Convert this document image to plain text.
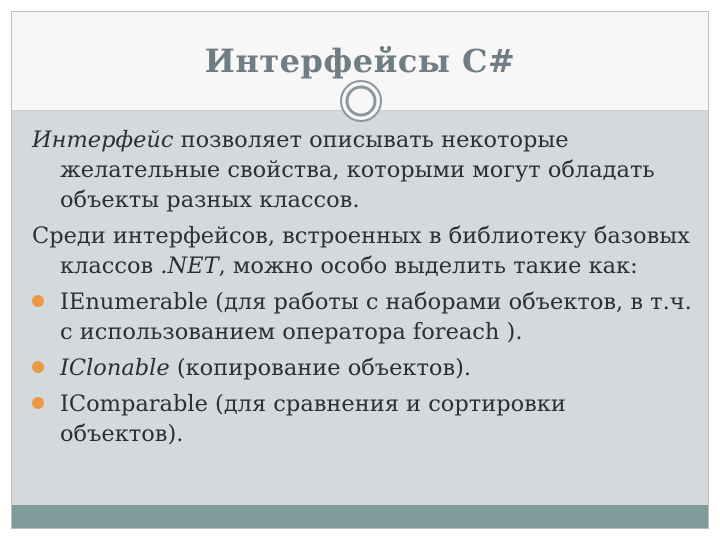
Интерфейсы C#

Интерфейс позволяет описывать некоторые желательные свойства, которыми могут обладать объекты разных классов.

Среди интерфейсов, встроенных в библиотеку базовых классов .NET, можно особо выделить такие как:

IEnumerable (для работы с наборами объектов, в т.ч. с использованием оператора foreach ).
IClonable (копирование объектов).
IComparable (для сравнения и сортировки объектов).
